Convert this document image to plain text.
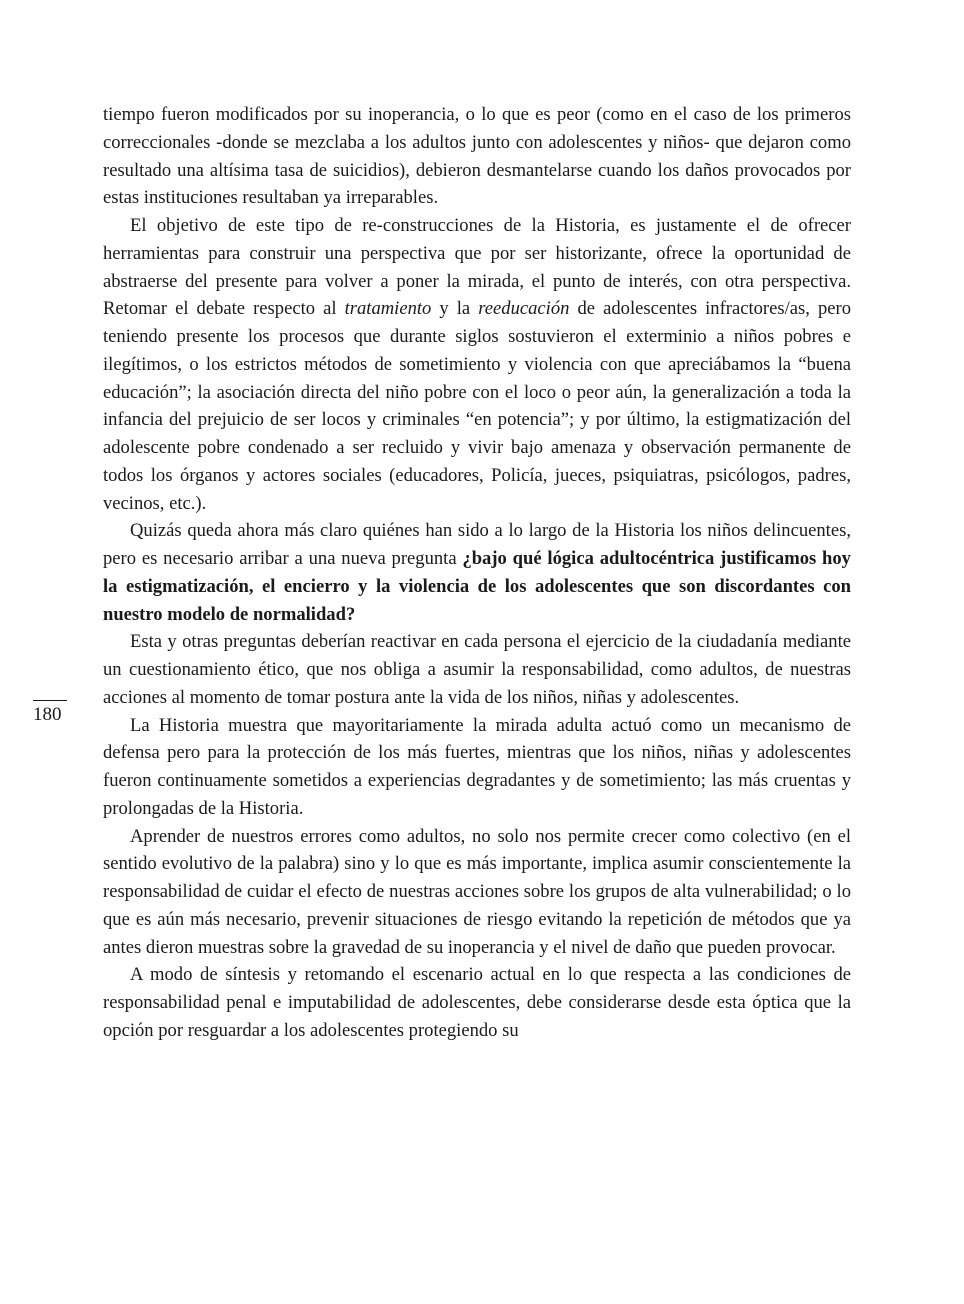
180

tiempo fueron modificados por su inoperancia, o lo que es peor (como en el caso de los primeros correccionales -donde se mezclaba a los adultos junto con adolescentes y niños- que dejaron como resultado una altísima tasa de suicidios), debieron desmantelarse cuando los daños provocados por estas instituciones resultaban ya irreparables.

El objetivo de este tipo de re-construcciones de la Historia, es justamente el de ofrecer herramientas para construir una perspectiva que por ser historizante, ofrece la oportunidad de abstraerse del presente para volver a poner la mirada, el punto de interés, con otra perspectiva. Retomar el debate respecto al tratamiento y la reeducación de adolescentes infractores/as, pero teniendo presente los procesos que durante siglos sostuvieron el exterminio a niños pobres e ilegítimos, o los estrictos métodos de sometimiento y violencia con que apreciábamos la “buena educación”; la asociación directa del niño pobre con el loco o peor aún, la generalización a toda la infancia del prejuicio de ser locos y criminales “en potencia”; y por último, la estigmatización del adolescente pobre condenado a ser recluido y vivir bajo amenaza y observación permanente de todos los órganos y actores sociales (educadores, Policía, jueces, psiquiatras, psicólogos, padres, vecinos, etc.).

Quizás queda ahora más claro quiénes han sido a lo largo de la Historia los niños delincuentes, pero es necesario arribar a una nueva pregunta ¿bajo qué lógica adultocéntrica justificamos hoy la estigmatización, el encierro y la violencia de los adolescentes que son discordantes con nuestro modelo de normalidad?

Esta y otras preguntas deberían reactivar en cada persona el ejercicio de la ciudadanía mediante un cuestionamiento ético, que nos obliga a asumir la responsabilidad, como adultos, de nuestras acciones al momento de tomar postura ante la vida de los niños, niñas y adolescentes.

La Historia muestra que mayoritariamente la mirada adulta actuó como un mecanismo de defensa pero para la protección de los más fuertes, mientras que los niños, niñas y adolescentes fueron continuamente sometidos a experiencias degradantes y de sometimiento; las más cruentas y prolongadas de la Historia.

Aprender de nuestros errores como adultos, no solo nos permite crecer como colectivo (en el sentido evolutivo de la palabra) sino y lo que es más importante, implica asumir conscientemente la responsabilidad de cuidar el efecto de nuestras acciones sobre los grupos de alta vulnerabilidad; o lo que es aún más necesario, prevenir situaciones de riesgo evitando la repetición de métodos que ya antes dieron muestras sobre la gravedad de su inoperancia y el nivel de daño que pueden provocar.

A modo de síntesis y retomando el escenario actual en lo que respecta a las condiciones de responsabilidad penal e imputabilidad de adolescentes, debe considerarse desde esta óptica que la opción por resguardar a los adolescentes protegiendo su
